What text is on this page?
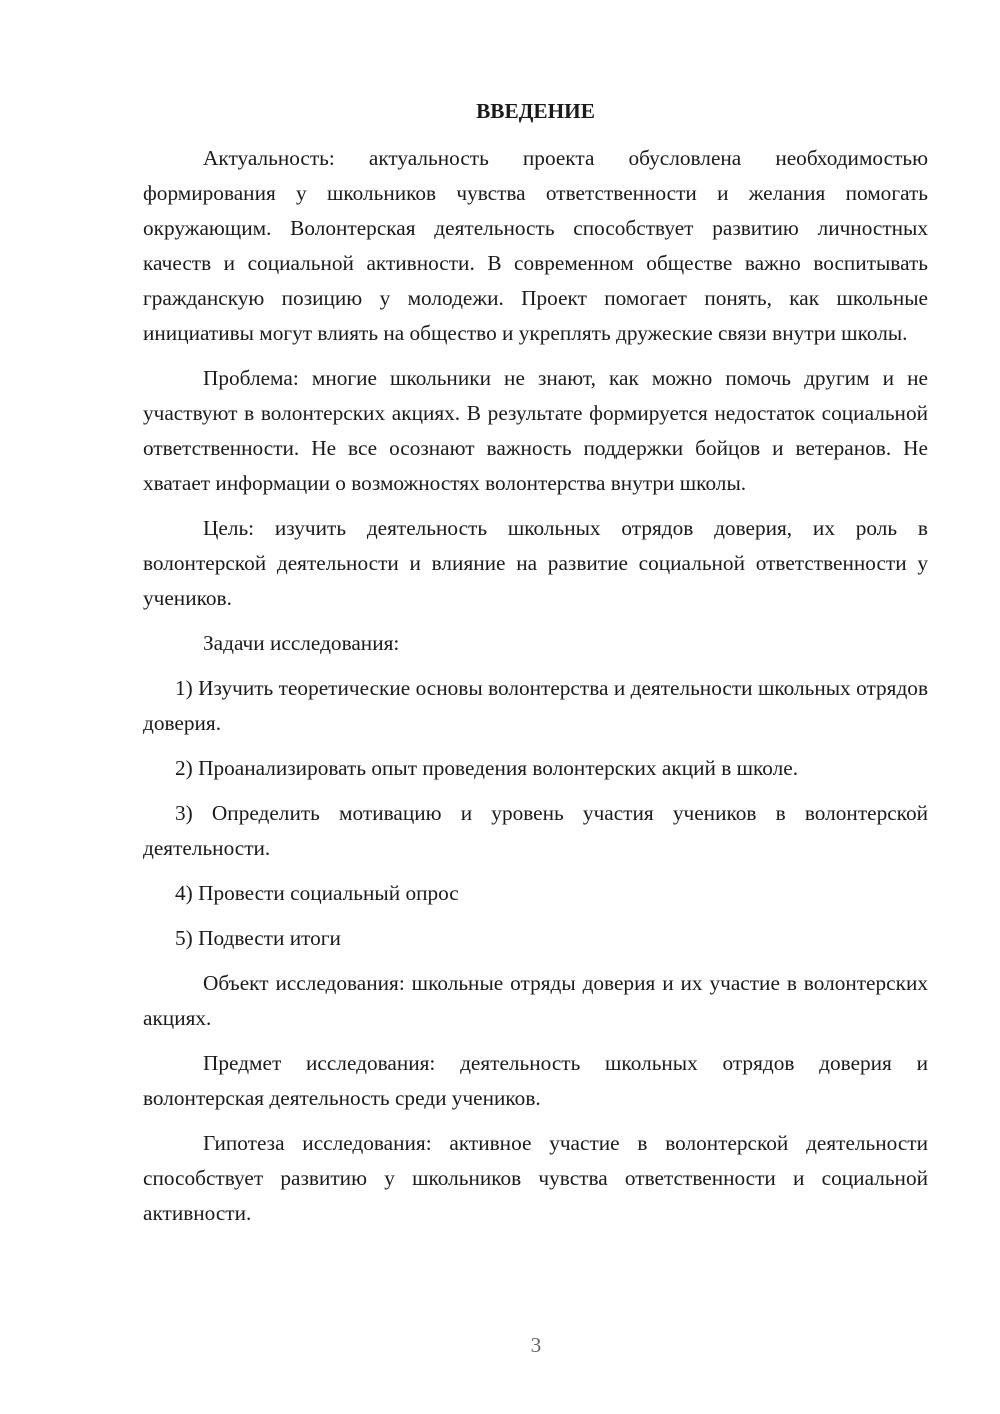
ВВЕДЕНИЕ

Актуальность: актуальность проекта обусловлена необходимостью формирования у школьников чувства ответственности и желания помогать окружающим. Волонтерская деятельность способствует развитию личностных качеств и социальной активности. В современном обществе важно воспитывать гражданскую позицию у молодежи. Проект помогает понять, как школьные инициативы могут влиять на общество и укреплять дружеские связи внутри школы.

Проблема: многие школьники не знают, как можно помочь другим и не участвуют в волонтерских акциях. В результате формируется недостаток социальной ответственности. Не все осознают важность поддержки бойцов и ветеранов. Не хватает информации о возможностях волонтерства внутри школы.

Цель: изучить деятельность школьных отрядов доверия, их роль в волонтерской деятельности и влияние на развитие социальной ответственности у учеников.

Задачи исследования:

1) Изучить теоретические основы волонтерства и деятельности школьных отрядов доверия.

2) Проанализировать опыт проведения волонтерских акций в школе.

3) Определить мотивацию и уровень участия учеников в волонтерской деятельности.

4) Провести социальный опрос

5) Подвести итоги

Объект исследования: школьные отряды доверия и их участие в волонтерских акциях.

Предмет исследования: деятельность школьных отрядов доверия и волонтерская деятельность среди учеников.

Гипотеза исследования: активное участие в волонтерской деятельности способствует развитию у школьников чувства ответственности и социальной активности.

3
